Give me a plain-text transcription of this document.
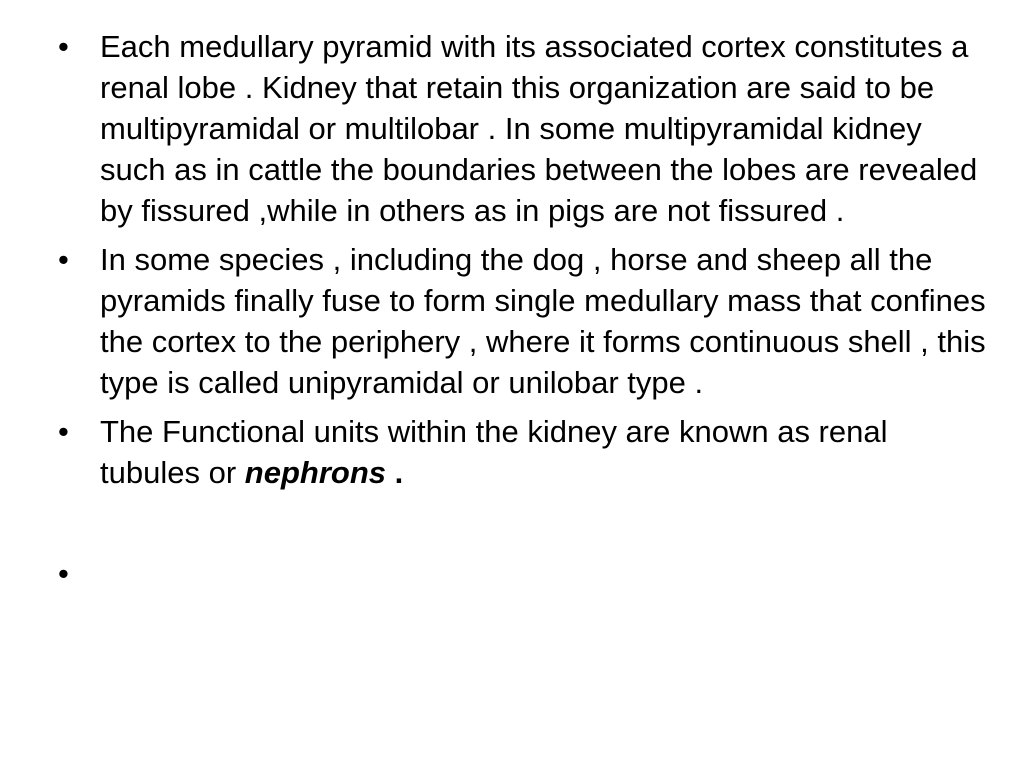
•	Each medullary pyramid with its associated cortex constitutes a renal lobe . Kidney that retain this organization are said to be multipyramidal or multilobar . In some multipyramidal kidney such as in cattle the boundaries between the lobes are revealed by fissured ,while in others as in pigs are not fissured .
•	In some species , including the dog , horse and sheep all the pyramids finally fuse to form single medullary mass that confines the cortex to the periphery , where it forms continuous shell , this type is called unipyramidal or unilobar type .
•	The Functional units within the kidney are known as renal tubules or nephrons .
•
